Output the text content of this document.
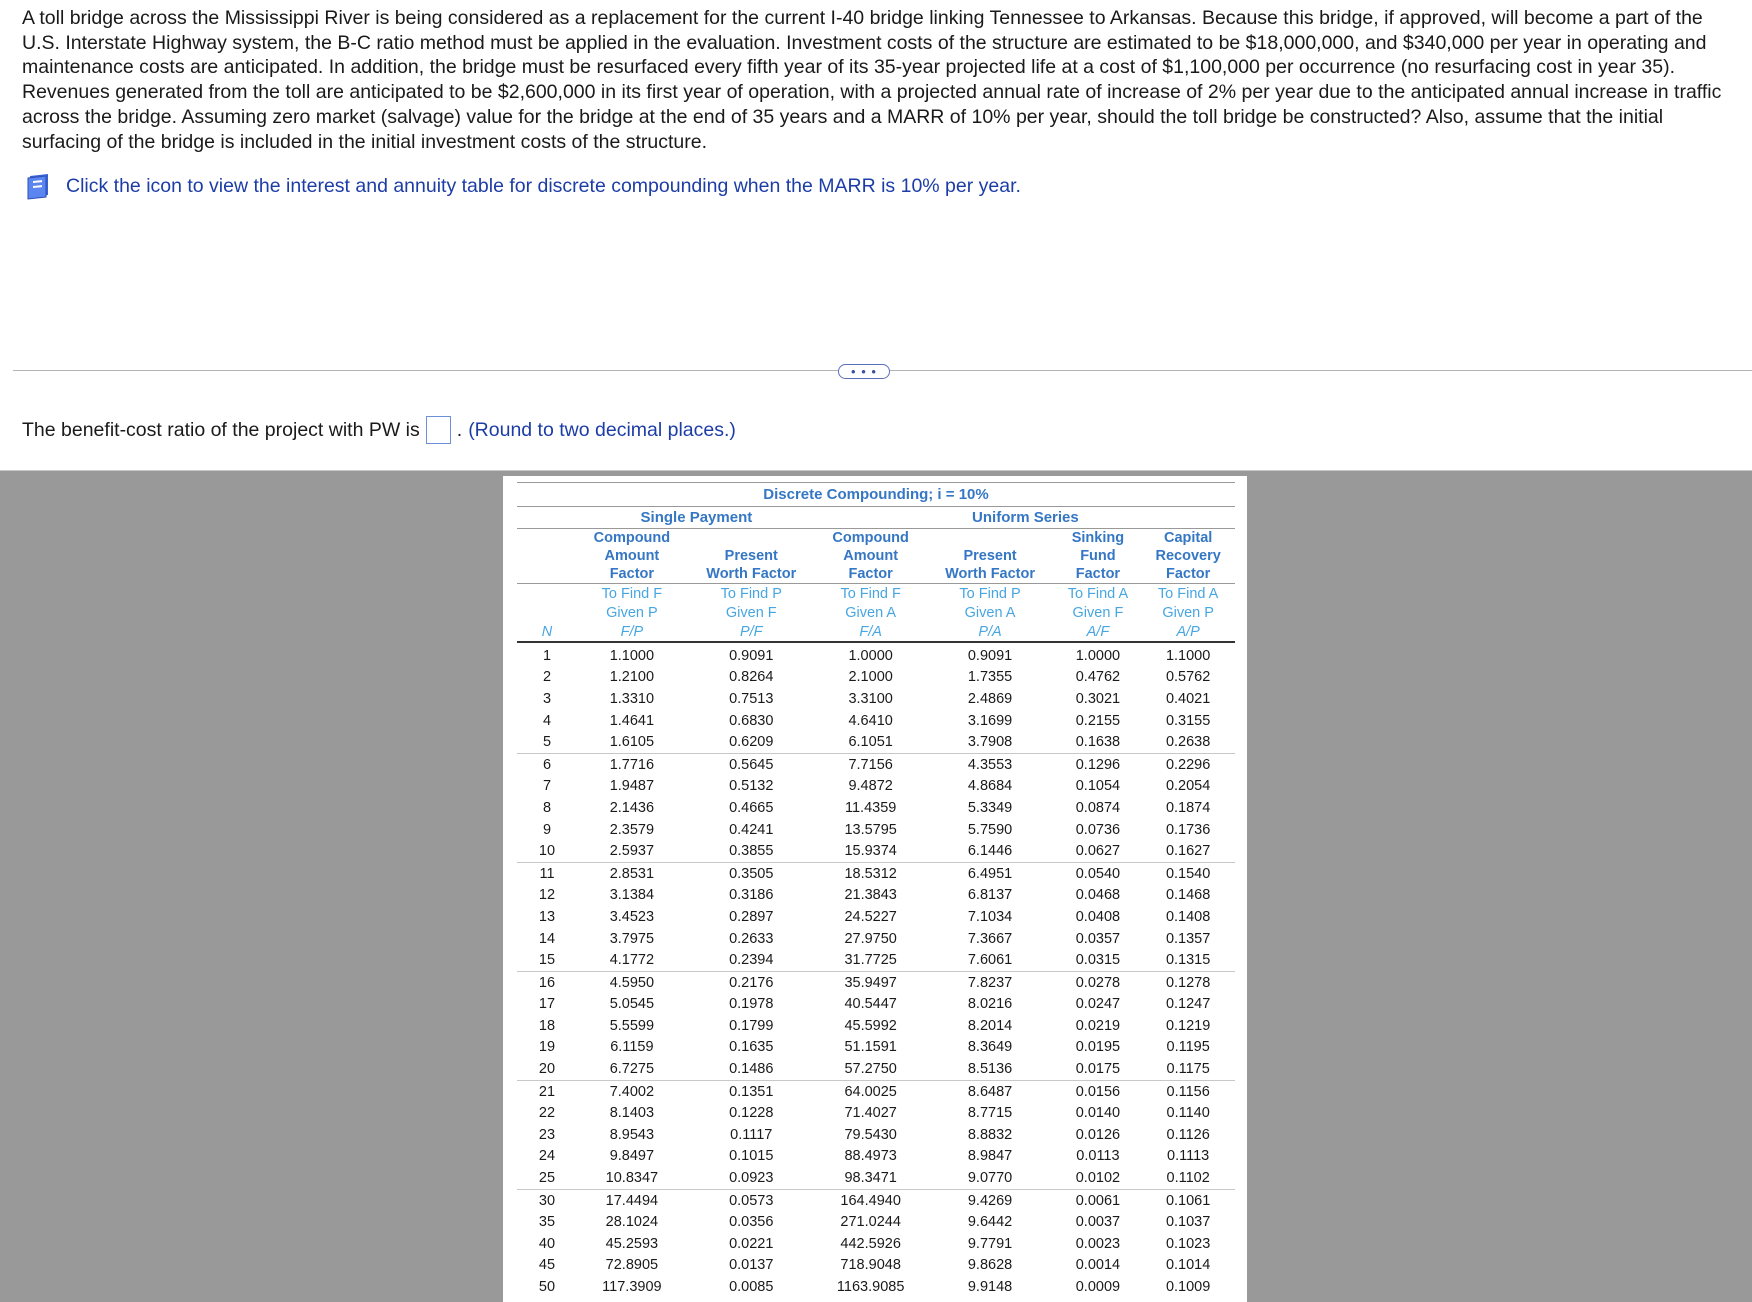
A toll bridge across the Mississippi River is being considered as a replacement for the current I-40 bridge linking Tennessee to Arkansas. Because this bridge, if approved, will become a part of the U.S. Interstate Highway system, the B-C ratio method must be applied in the evaluation. Investment costs of the structure are estimated to be $18,000,000, and $340,000 per year in operating and maintenance costs are anticipated. In addition, the bridge must be resurfaced every fifth year of its 35-year projected life at a cost of $1,100,000 per occurrence (no resurfacing cost in year 35). Revenues generated from the toll are anticipated to be $2,600,000 in its first year of operation, with a projected annual rate of increase of 2% per year due to the anticipated annual increase in traffic across the bridge. Assuming zero market (salvage) value for the bridge at the end of 35 years and a MARR of 10% per year, should the toll bridge be constructed? Also, assume that the initial surfacing of the bridge is included in the initial investment costs of the structure.

Click the icon to view the interest and annuity table for discrete compounding when the MARR is 10% per year.
• • •
The benefit-cost ratio of the project with PW is . (Round to two decimal places.)
Discrete Compounding; i = 10%						
	Single Payment		Uniform Series			
	Compound		Compound		Sinking	Capital
	Amount	Present	Amount	Present	Fund	Recovery
	Factor	Worth Factor	Factor	Worth Factor	Factor	Factor
	To Find F	To Find P	To Find F	To Find P	To Find A	To Find A
	Given P	Given F	Given A	Given A	Given F	Given P
N	F/P	P/F	F/A	P/A	A/F	A/P
1	1.1000	0.9091	1.0000	0.9091	1.0000	1.1000
2	1.2100	0.8264	2.1000	1.7355	0.4762	0.5762
3	1.3310	0.7513	3.3100	2.4869	0.3021	0.4021
4	1.4641	0.6830	4.6410	3.1699	0.2155	0.3155
5	1.6105	0.6209	6.1051	3.7908	0.1638	0.2638
6	1.7716	0.5645	7.7156	4.3553	0.1296	0.2296
7	1.9487	0.5132	9.4872	4.8684	0.1054	0.2054
8	2.1436	0.4665	11.4359	5.3349	0.0874	0.1874
9	2.3579	0.4241	13.5795	5.7590	0.0736	0.1736
10	2.5937	0.3855	15.9374	6.1446	0.0627	0.1627
11	2.8531	0.3505	18.5312	6.4951	0.0540	0.1540
12	3.1384	0.3186	21.3843	6.8137	0.0468	0.1468
13	3.4523	0.2897	24.5227	7.1034	0.0408	0.1408
14	3.7975	0.2633	27.9750	7.3667	0.0357	0.1357
15	4.1772	0.2394	31.7725	7.6061	0.0315	0.1315
16	4.5950	0.2176	35.9497	7.8237	0.0278	0.1278
17	5.0545	0.1978	40.5447	8.0216	0.0247	0.1247
18	5.5599	0.1799	45.5992	8.2014	0.0219	0.1219
19	6.1159	0.1635	51.1591	8.3649	0.0195	0.1195
20	6.7275	0.1486	57.2750	8.5136	0.0175	0.1175
21	7.4002	0.1351	64.0025	8.6487	0.0156	0.1156
22	8.1403	0.1228	71.4027	8.7715	0.0140	0.1140
23	8.9543	0.1117	79.5430	8.8832	0.0126	0.1126
24	9.8497	0.1015	88.4973	8.9847	0.0113	0.1113
25	10.8347	0.0923	98.3471	9.0770	0.0102	0.1102
30	17.4494	0.0573	164.4940	9.4269	0.0061	0.1061
35	28.1024	0.0356	271.0244	9.6442	0.0037	0.1037
40	45.2593	0.0221	442.5926	9.7791	0.0023	0.1023
45	72.8905	0.0137	718.9048	9.8628	0.0014	0.1014
50	117.3909	0.0085	1163.9085	9.9148	0.0009	0.1009
